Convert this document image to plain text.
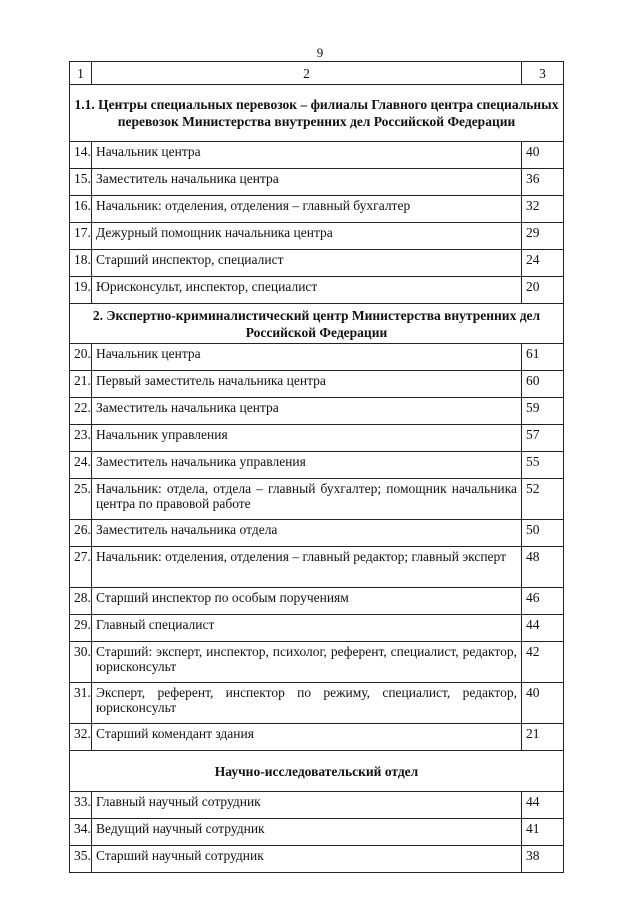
9
1	2	3
1.1. Центры специальных перевозок – филиалы Главного центра специальных перевозок Министерства внутренних дел Российской Федерации		
14.	Начальник центра	40
15.	Заместитель начальника центра	36
16.	Начальник: отделения, отделения – главный бухгалтер	32
17.	Дежурный помощник начальника центра	29
18.	Старший инспектор, специалист	24
19.	Юрисконсульт, инспектор, специалист	20
2. Экспертно-криминалистический центр Министерства внутренних дел Российской Федерации		
20.	Начальник центра	61
21.	Первый заместитель начальника центра	60
22.	Заместитель начальника центра	59
23.	Начальник управления	57
24.	Заместитель начальника управления	55
25.	Начальник: отдела, отдела – главный бухгалтер; помощник начальника центра по правовой работе	52
26.	Заместитель начальника отдела	50
27.	Начальник: отделения, отделения – главный редактор; главный эксперт	48
28.	Старший инспектор по особым поручениям	46
29.	Главный специалист	44
30.	Старший: эксперт, инспектор, психолог, референт, специалист, редактор, юрисконсульт	42
31.	Эксперт, референт, инспектор по режиму, специалист, редактор, юрисконсульт	40
32.	Старший комендант здания	21
Научно-исследовательский отдел		
33.	Главный научный сотрудник	44
34.	Ведущий научный сотрудник	41
35.	Старший научный сотрудник	38
